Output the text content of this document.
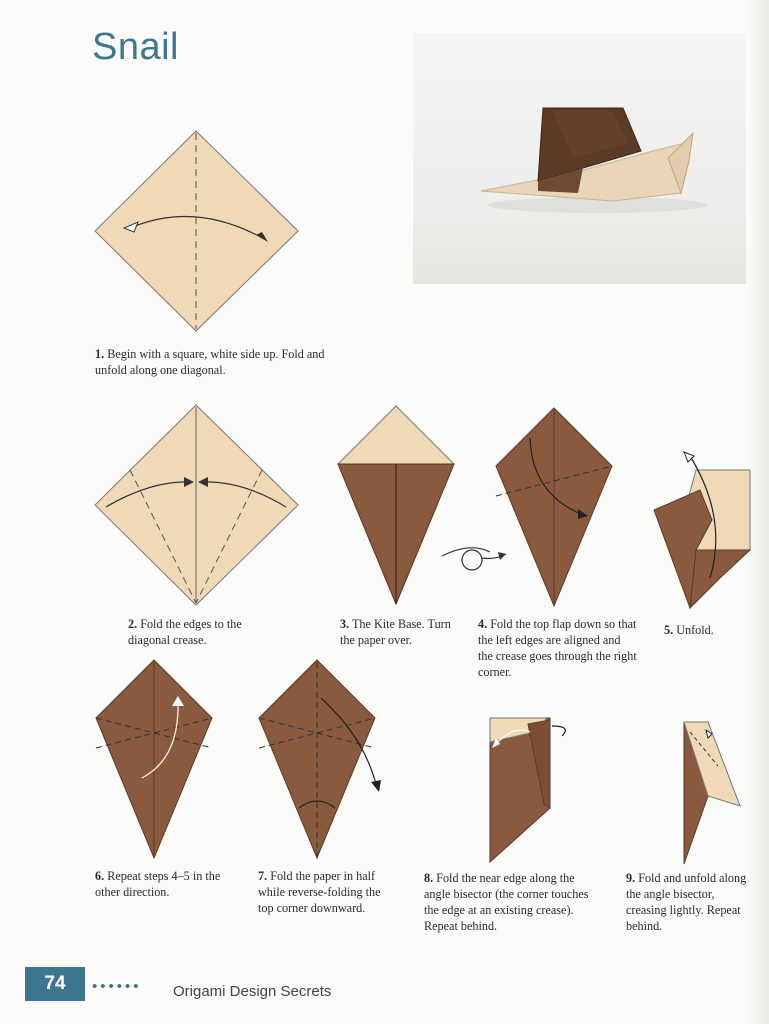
Snail

1. Begin with a square, white side up. Fold and unfold along one diagonal.

2. Fold the edges to the diagonal crease.

3. The Kite Base. Turn the paper over.

4. Fold the top flap down so that the left edges are aligned and the crease goes through the right corner.

5. Unfold.

6. Repeat steps 4–5 in the other direction.

7. Fold the paper in half while reverse-folding the top corner downward.

8. Fold the near edge along the angle bisector (the corner touches the edge at an existing crease). Repeat behind.

9. Fold and unfold along the angle bisector, creasing lightly. Repeat behind.

74	•••••• Origami Design Secrets
